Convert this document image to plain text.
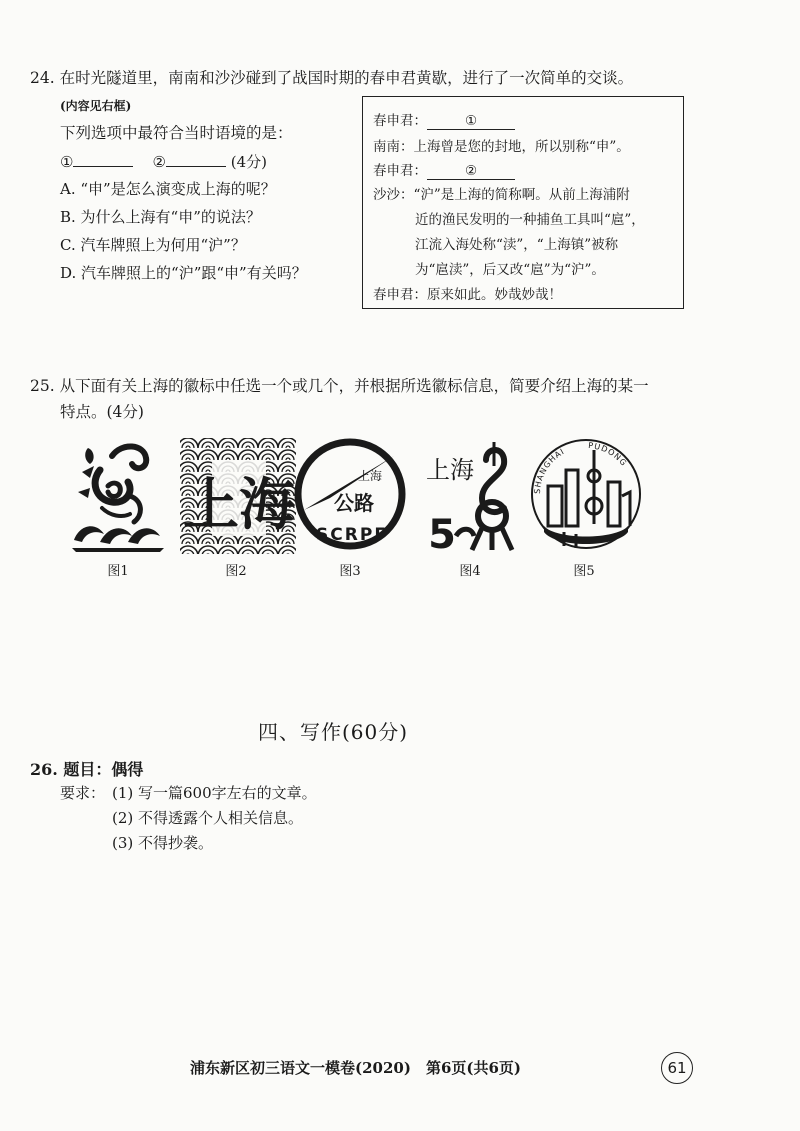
24. 在时光隧道里，南南和沙沙碰到了战国时期的春申君黄歇，进行了一次简单的交谈。
(内容见右框)
下列选项中最符合当时语境的是：
①	②	(4分)
A. “申”是怎么演变成上海的呢？
B. 为什么上海有“申”的说法？
C. 汽车牌照上为何用“沪”？
D. 汽车牌照上的“沪”跟“申”有关吗？
春申君：	①
南南：上海曾是您的封地，所以别称“申”。
春申君：	②
沙沙：“沪”是上海的简称啊。从前上海浦附
近的渔民发明的一种捕鱼工具叫“扈”，
江流入海处称“渎”，“上海镇”被称
为“扈渎”，后又改“扈”为“沪”。
春申君：原来如此。妙哉妙哉！
25. 从下面有关上海的徽标中任选一个或几个，并根据所选徽标信息，简要介绍上海的某一
特点。(4分)
上海	上海
公路
SCRPF
上海
5
SHANGHAI
PUDONG
图1	图2	图3	图4	图5
四、写作(60分)
26. 题目：偶得
要求： (1) 写一篇600字左右的文章。
(2) 不得透露个人相关信息。
(3) 不得抄袭。
浦东新区初三语文一模卷(2020)　第6页(共6页)	61
